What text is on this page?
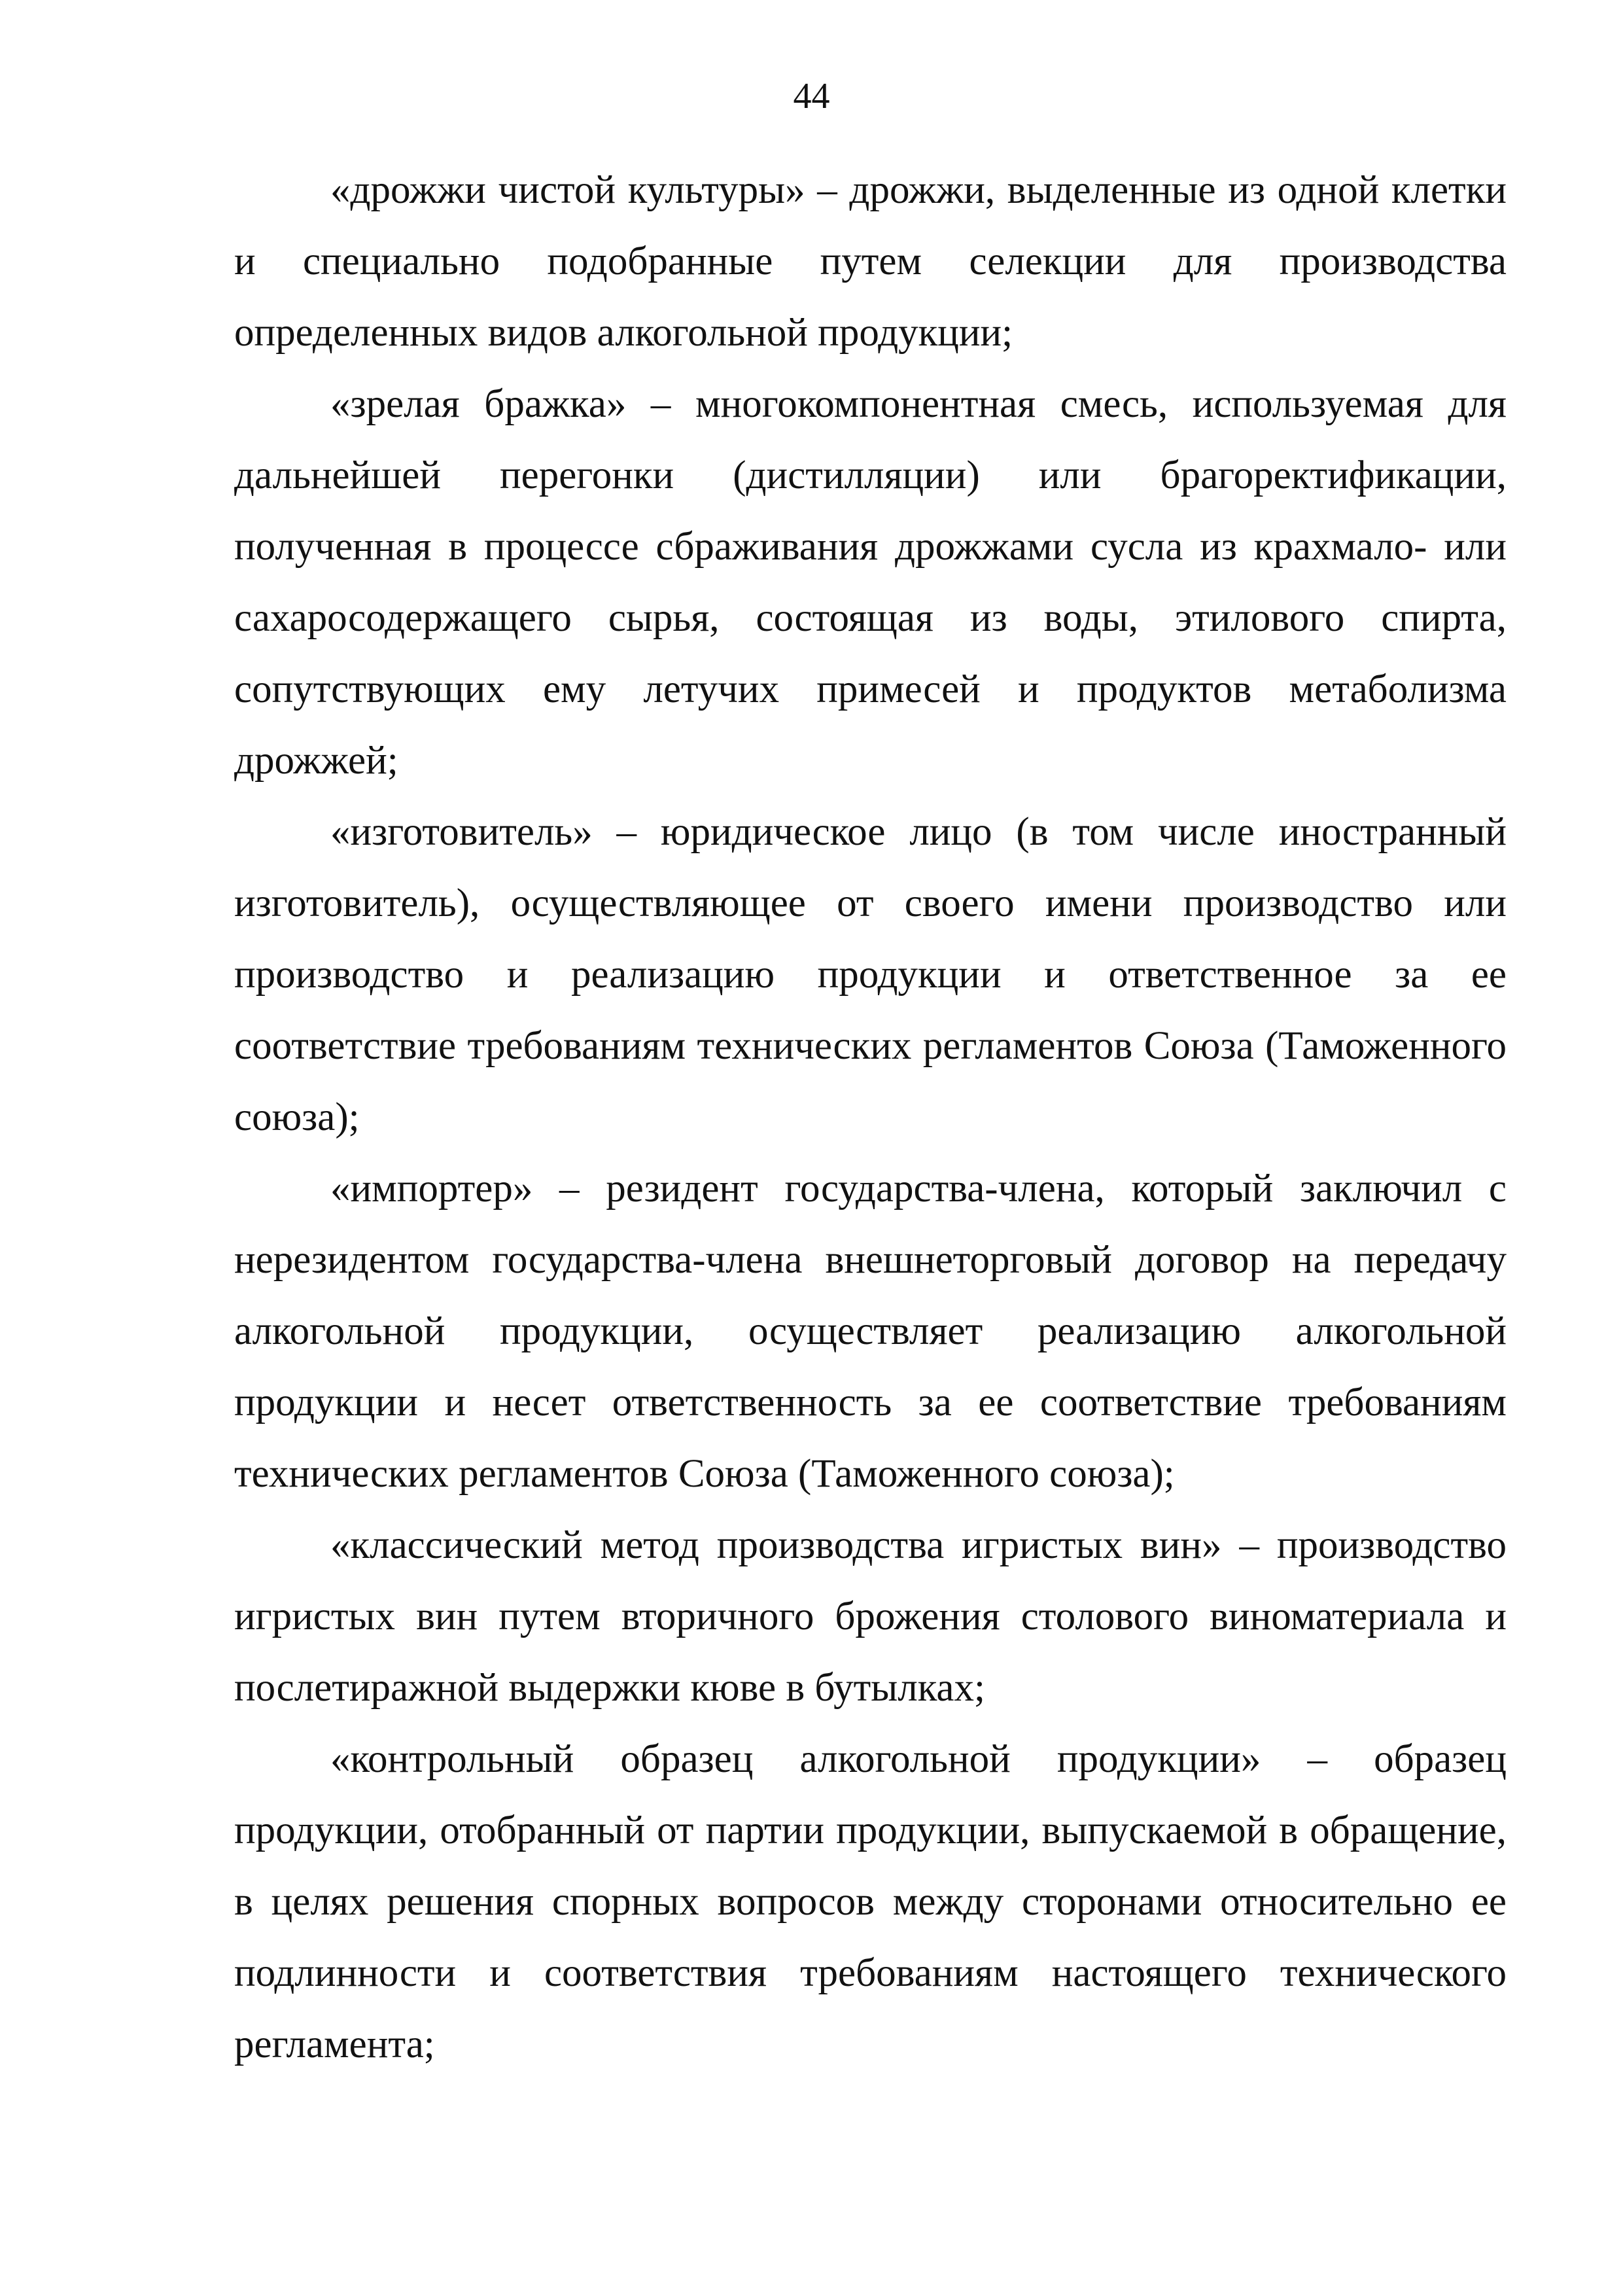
44

«дрожжи чистой культуры» – дрожжи, выделенные из одной клетки и специально подобранные путем селекции для производства определенных видов алкогольной продукции;

«зрелая бражка» – многокомпонентная смесь, используемая для дальнейшей перегонки (дистилляции) или брагоректификации, полученная в процессе сбраживания дрожжами сусла из крахмало- или сахаросодержащего сырья, состоящая из воды, этилового спирта, сопутствующих ему летучих примесей и продуктов метаболизма дрожжей;

«изготовитель» – юридическое лицо (в том числе иностранный изготовитель), осуществляющее от своего имени производство или производство и реализацию продукции и ответственное за ее соответствие требованиям технических регламентов Союза (Таможенного союза);

«импортер» – резидент государства-члена, который заключил с нерезидентом государства-члена внешнеторговый договор на передачу алкогольной продукции, осуществляет реализацию алкогольной продукции и несет ответственность за ее соответствие требованиям технических регламентов Союза (Таможенного союза);

«классический метод производства игристых вин» – производство игристых вин путем вторичного брожения столового виноматериала и послетиражной выдержки кюве в бутылках;

«контрольный образец алкогольной продукции» – образец продукции, отобранный от партии продукции, выпускаемой в обращение, в целях решения спорных вопросов между сторонами относительно ее подлинности и соответствия требованиям настоящего технического регламента;
